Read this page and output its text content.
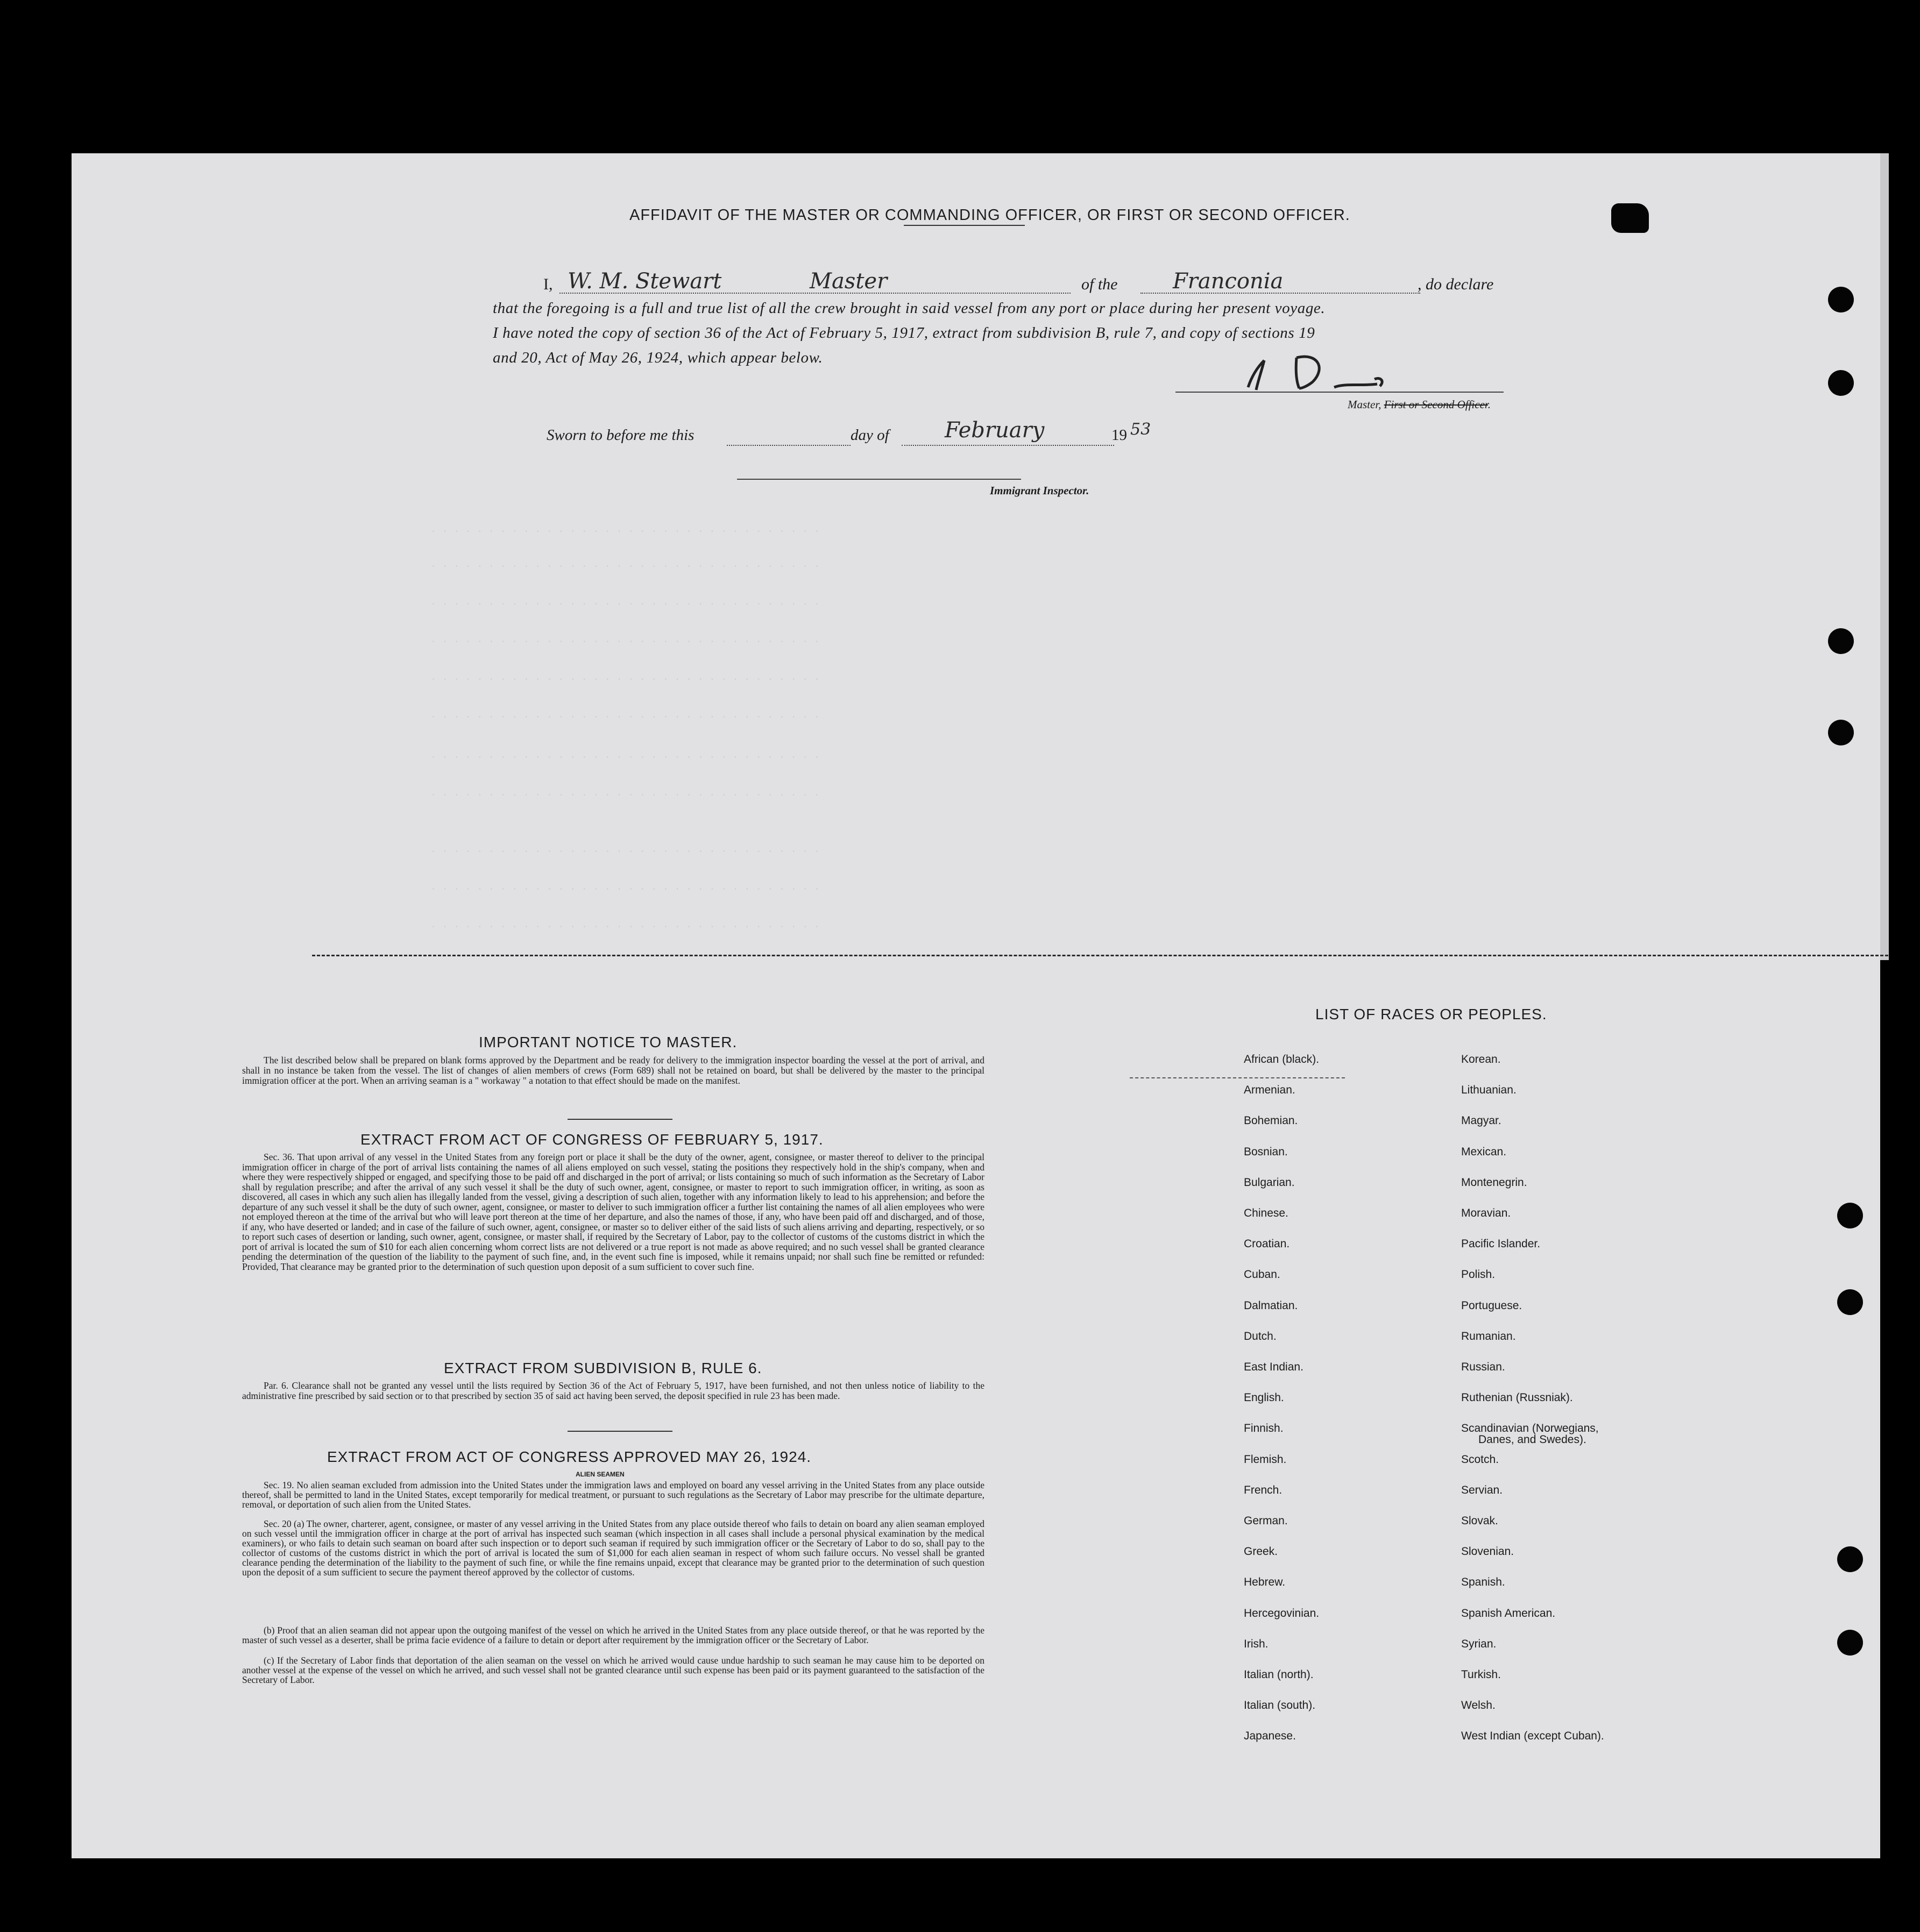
. . . . . . . . . . . . . . . . . . . . . . . . . . . . . . . . . .
. . . . . . . . . . . . . . . . . . . . . . . . . . . . . . . . . .
. . . . . . . . . . . . . . . . . . . . . . . . . . . . . . . . . .
. . . . . . . . . . . . . . . . . . . . . . . . . . . . . . . . . .
. . . . . . . . . . . . . . . . . . . . . . . . . . . . . . . . . .
. . . . . . . . . . . . . . . . . . . . . . . . . . . . . . . . . .
. . . . . . . . . . . . . . . . . . . . . . . . . . . . . . . . . .
. . . . . . . . . . . . . . . . . . . . . . . . . . . . . . . . . .
. . . . . . . . . . . . . . . . . . . . . . . . . . . . . . . . . .
. . . . . . . . . . . . . . . . . . . . . . . . . . . . . . . . . .
. . . . . . . . . . . . . . . . . . . . . . . . . . . . . . . . . .
AFFIDAVIT OF THE MASTER OR COMMANDING OFFICER, OR FIRST OR SECOND OFFICER.
I, W. M. Stewart	Master	of the	Franconia	, do declare
that the foregoing is a full and true list of all the crew brought in said vessel from any port or place during her present voyage.
I have noted the copy of section 36 of the Act of February 5, 1917, extract from subdivision B, rule 7, and copy of sections 19
and 20, Act of May 26, 1924, which appear below.
Master, First or Second Officer.
Sworn to before me this	day of	February	19 53
Immigrant Inspector.
IMPORTANT NOTICE TO MASTER.
The list described below shall be prepared on blank forms approved by the Department and be ready for delivery to the immigration inspector boarding the vessel at the port of arrival, and shall in no instance be taken from the vessel. The list of changes of alien members of crews (Form 689) shall not be retained on board, but shall be delivered by the master to the principal immigration officer at the port. When an arriving seaman is a " workaway " a notation to that effect should be made on the manifest.
EXTRACT FROM ACT OF CONGRESS OF FEBRUARY 5, 1917.
Sec. 36. That upon arrival of any vessel in the United States from any foreign port or place it shall be the duty of the owner, agent, consignee, or master thereof to deliver to the principal immigration officer in charge of the port of arrival lists containing the names of all aliens employed on such vessel, stating the positions they respectively hold in the ship's company, when and where they were respectively shipped or engaged, and specifying those to be paid off and discharged in the port of arrival; or lists containing so much of such information as the Secretary of Labor shall by regulation prescribe; and after the arrival of any such vessel it shall be the duty of such owner, agent, consignee, or master to report to such immigration officer, in writing, as soon as discovered, all cases in which any such alien has illegally landed from the vessel, giving a description of such alien, together with any information likely to lead to his apprehension; and before the departure of any such vessel it shall be the duty of such owner, agent, consignee, or master to deliver to such immigration officer a further list containing the names of all alien employees who were not employed thereon at the time of the arrival but who will leave port thereon at the time of her departure, and also the names of those, if any, who have been paid off and discharged, and of those, if any, who have deserted or landed; and in case of the failure of such owner, agent, consignee, or master so to deliver either of the said lists of such aliens arriving and departing, respectively, or so to report such cases of desertion or landing, such owner, agent, consignee, or master shall, if required by the Secretary of Labor, pay to the collector of customs of the customs district in which the port of arrival is located the sum of $10 for each alien concerning whom correct lists are not delivered or a true report is not made as above required; and no such vessel shall be granted clearance pending the determination of the question of the liability to the payment of such fine, and, in the event such fine is imposed, while it remains unpaid; nor shall such fine be remitted or refunded: Provided, That clearance may be granted prior to the determination of such question upon deposit of a sum sufficient to cover such fine.
EXTRACT FROM SUBDIVISION B, RULE 6.
Par. 6. Clearance shall not be granted any vessel until the lists required by Section 36 of the Act of February 5, 1917, have been furnished, and not then unless notice of liability to the administrative fine prescribed by said section or to that prescribed by section 35 of said act having been served, the deposit specified in rule 23 has been made.
EXTRACT FROM ACT OF CONGRESS APPROVED MAY 26, 1924.
ALIEN SEAMEN
Sec. 19. No alien seaman excluded from admission into the United States under the immigration laws and employed on board any vessel arriving in the United States from any place outside thereof, shall be permitted to land in the United States, except temporarily for medical treatment, or pursuant to such regulations as the Secretary of Labor may prescribe for the ultimate departure, removal, or deportation of such alien from the United States.
Sec. 20 (a) The owner, charterer, agent, consignee, or master of any vessel arriving in the United States from any place outside thereof who fails to detain on board any alien seaman employed on such vessel until the immigration officer in charge at the port of arrival has inspected such seaman (which inspection in all cases shall include a personal physical examination by the medical examiners), or who fails to detain such seaman on board after such inspection or to deport such seaman if required by such immigration officer or the Secretary of Labor to do so, shall pay to the collector of customs of the customs district in which the port of arrival is located the sum of $1,000 for each alien seaman in respect of whom such failure occurs. No vessel shall be granted clearance pending the determination of the liability to the payment of such fine, or while the fine remains unpaid, except that clearance may be granted prior to the determination of such question upon the deposit of a sum sufficient to secure the payment thereof approved by the collector of customs.
(b) Proof that an alien seaman did not appear upon the outgoing manifest of the vessel on which he arrived in the United States from any place outside thereof, or that he was reported by the master of such vessel as a deserter, shall be prima facie evidence of a failure to detain or deport after requirement by the immigration officer or the Secretary of Labor.
(c) If the Secretary of Labor finds that deportation of the alien seaman on the vessel on which he arrived would cause undue hardship to such seaman he may cause him to be deported on another vessel at the expense of the vessel on which he arrived, and such vessel shall not be granted clearance until such expense has been paid or its payment guaranteed to the satisfaction of the Secretary of Labor.
LIST OF RACES OR PEOPLES.
African (black).
Armenian.
Bohemian.
Bosnian.
Bulgarian.
Chinese.
Croatian.
Cuban.
Dalmatian.
Dutch.
East Indian.
English.
Finnish.
Flemish.
French.
German.
Greek.
Hebrew.
Hercegovinian.
Irish.
Italian (north).
Italian (south).
Japanese.
Korean.
Lithuanian.
Magyar.
Mexican.
Montenegrin.
Moravian.
Pacific Islander.
Polish.
Portuguese.
Rumanian.
Russian.
Ruthenian (Russniak).
Scandinavian (Norwegians,
Scotch.
Servian.
Slovak.
Slovenian.
Spanish.
Spanish American.
Syrian.
Turkish.
Welsh.
West Indian (except Cuban).
Danes, and Swedes).
